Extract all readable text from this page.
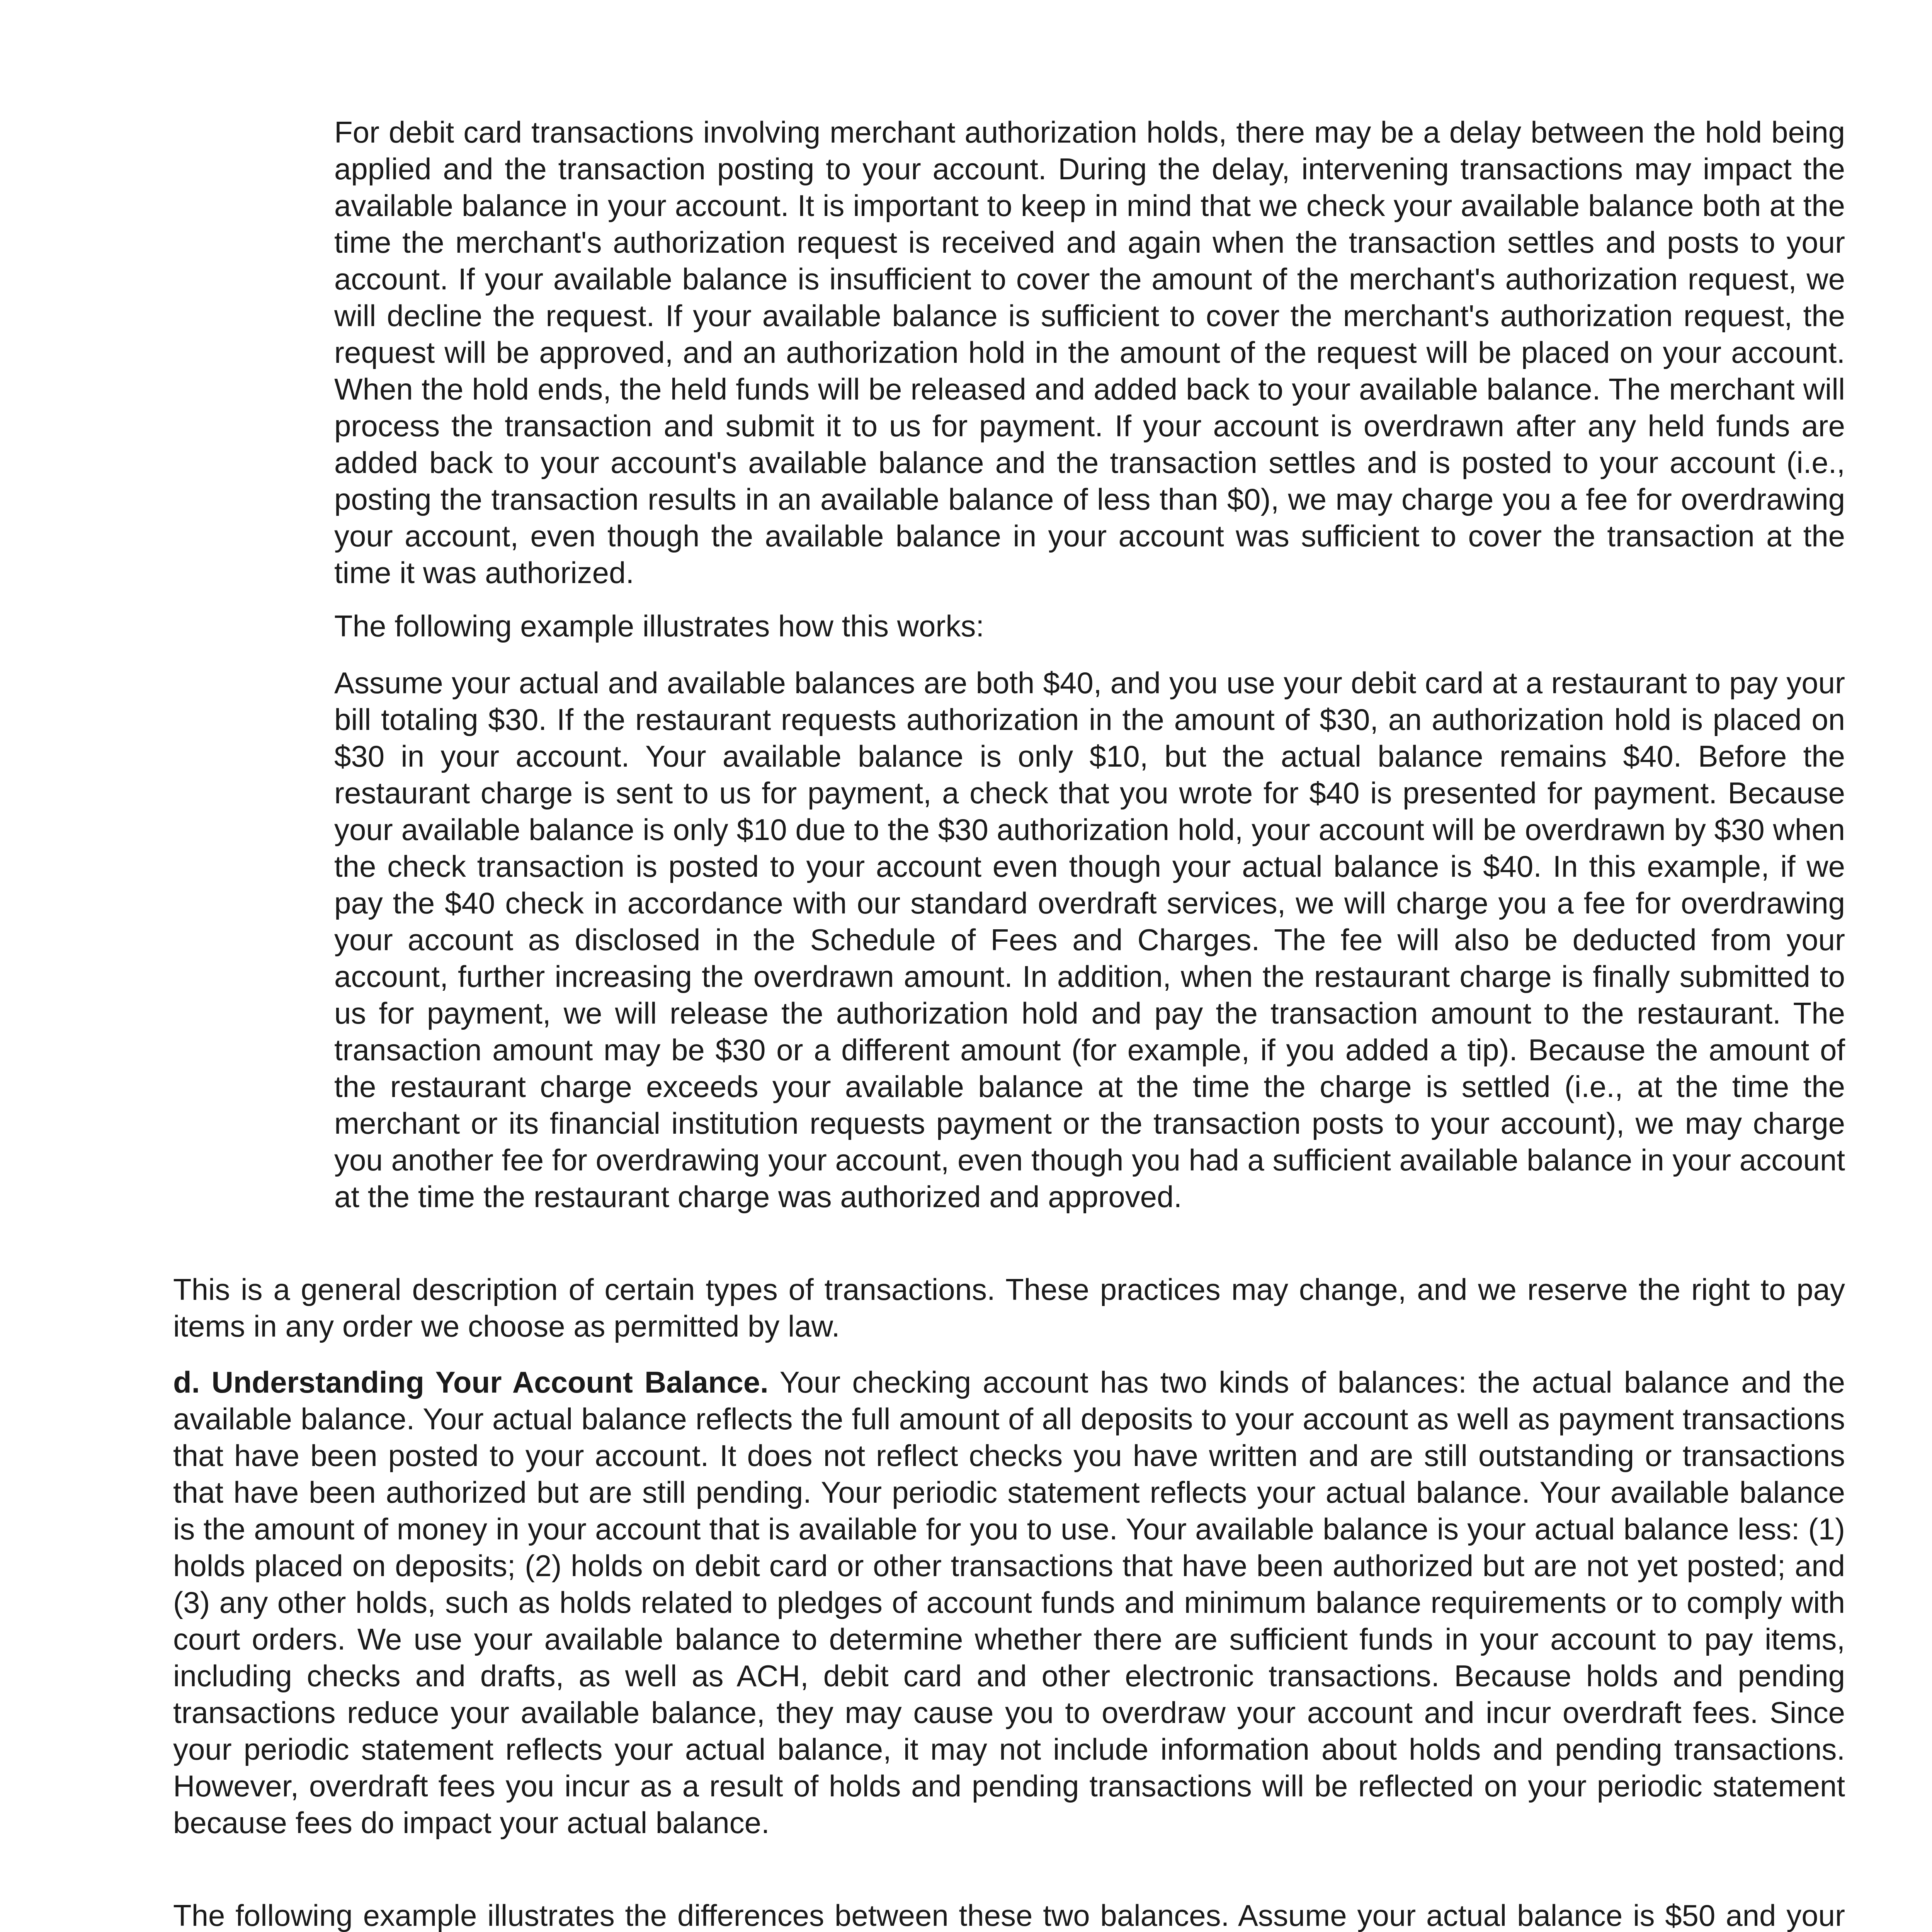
For debit card transactions involving merchant authorization holds, there may be a delay between the hold being applied and the transaction posting to your account. During the delay, intervening transactions may impact the available balance in your account. It is important to keep in mind that we check your available balance both at the time the merchant's authorization request is received and again when the transaction settles and posts to your account. If your available balance is insufficient to cover the amount of the merchant's authorization request, we will decline the request. If your available balance is sufficient to cover the merchant's authorization request, the request will be approved, and an authorization hold in the amount of the request will be placed on your account. When the hold ends, the held funds will be released and added back to your available balance. The merchant will process the transaction and submit it to us for payment. If your account is overdrawn after any held funds are added back to your account's available balance and the transaction settles and is posted to your account (i.e., posting the transaction results in an available balance of less than $0), we may charge you a fee for overdrawing your account, even though the available balance in your account was sufficient to cover the transaction at the time it was authorized.

The following example illustrates how this works:

Assume your actual and available balances are both $40, and you use your debit card at a restaurant to pay your bill totaling $30. If the restaurant requests authorization in the amount of $30, an authorization hold is placed on $30 in your account. Your available balance is only $10, but the actual balance remains $40. Before the restaurant charge is sent to us for payment, a check that you wrote for $40 is presented for payment. Because your available balance is only $10 due to the $30 authorization hold, your account will be overdrawn by $30 when the check transaction is posted to your account even though your actual balance is $40. In this example, if we pay the $40 check in accordance with our standard overdraft services, we will charge you a fee for overdrawing your account as disclosed in the Schedule of Fees and Charges. The fee will also be deducted from your account, further increasing the overdrawn amount. In addition, when the restaurant charge is finally submitted to us for payment, we will release the authorization hold and pay the transaction amount to the restaurant. The transaction amount may be $30 or a different amount (for example, if you added a tip). Because the amount of the restaurant charge exceeds your available balance at the time the charge is settled (i.e., at the time the merchant or its financial institution requests payment or the transaction posts to your account), we may charge you another fee for overdrawing your account, even though you had a sufficient available balance in your account at the time the restaurant charge was authorized and approved.

This is a general description of certain types of transactions. These practices may change, and we reserve the right to pay items in any order we choose as permitted by law.

d. Understanding Your Account Balance. Your checking account has two kinds of balances: the actual balance and the available balance. Your actual balance reflects the full amount of all deposits to your account as well as payment transactions that have been posted to your account. It does not reflect checks you have written and are still outstanding or transactions that have been authorized but are still pending. Your periodic statement reflects your actual balance. Your available balance is the amount of money in your account that is available for you to use. Your available balance is your actual balance less: (1) holds placed on deposits; (2) holds on debit card or other transactions that have been authorized but are not yet posted; and (3) any other holds, such as holds related to pledges of account funds and minimum balance requirements or to comply with court orders. We use your available balance to determine whether there are sufficient funds in your account to pay items, including checks and drafts, as well as ACH, debit card and other electronic transactions. Because holds and pending transactions reduce your available balance, they may cause you to overdraw your account and incur overdraft fees. Since your periodic statement reflects your actual balance, it may not include information about holds and pending transactions. However, overdraft fees you incur as a result of holds and pending transactions will be reflected on your periodic statement because fees do impact your actual balance.

The following example illustrates the differences between these two balances. Assume your actual balance is $50 and your
